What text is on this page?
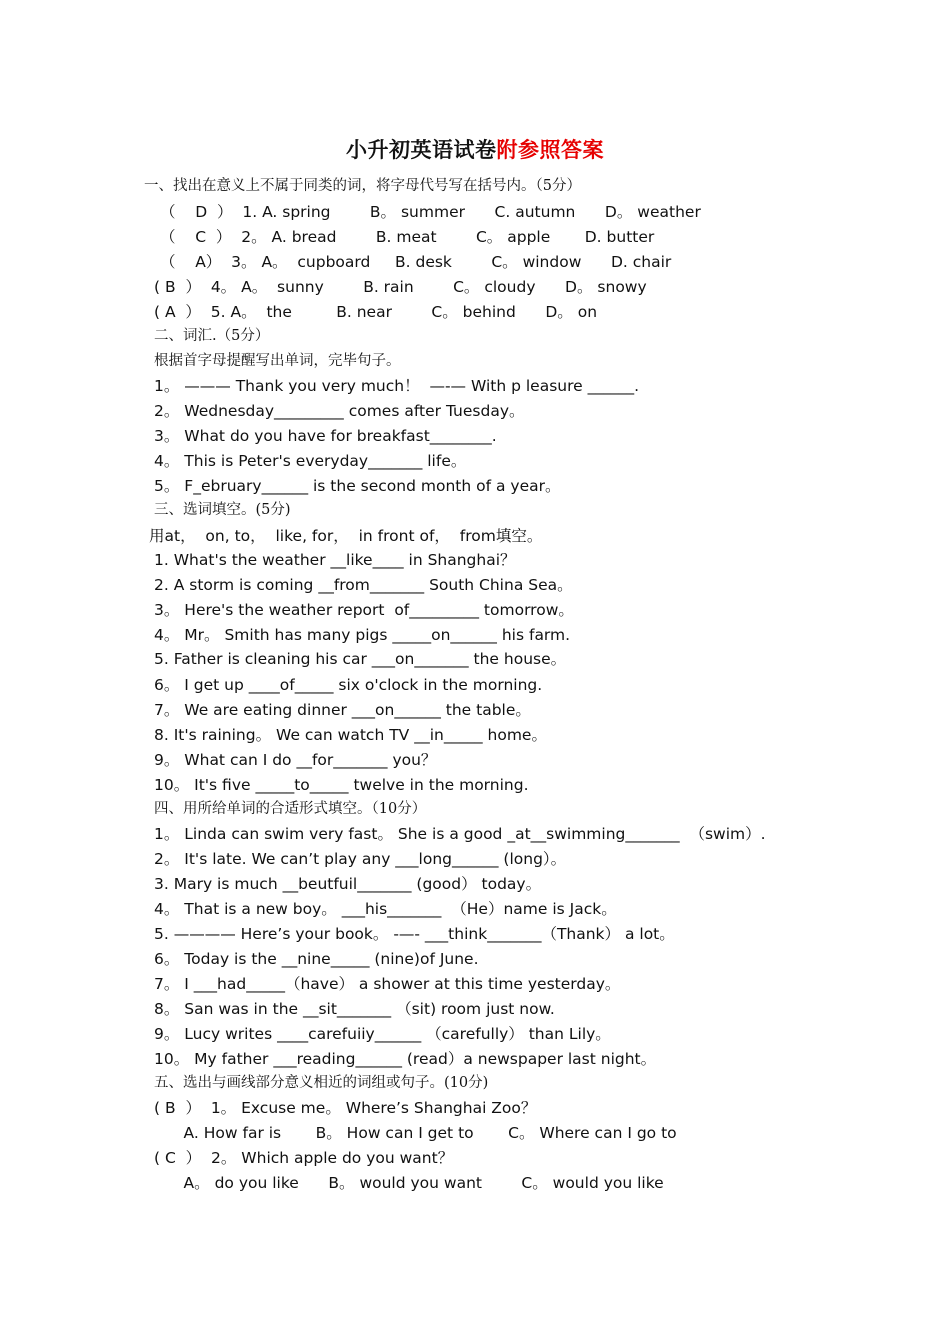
小升初英语试卷附参照答案
一、找出在意义上不属于同类的词，将字母代号写在括号内。（5分）
（    D  ）  1. A. spring        B。 summer      C. autumn      D。 weather
（    C  ）  2。 A. bread        B. meat        C。 apple       D. butter
（    A）  3。 A。  cupboard     B. desk        C。 window      D. chair
( B  ）  4。 A。  sunny        B. rain        C。 cloudy      D。 snowy
( A  ）  5. A。  the         B. near        C。 behind      D。 on
二、词汇.（5分）
根据首字母提醒写出单词，完毕句子。
1。 ——— Thank you very much！  —-— With p leasure ______.
2。 Wednesday_________ comes after Tuesday。
3。 What do you have for breakfast________.
4。 This is Peter's everyday_______ life。
5。 F_ebruary______ is the second month of a year。
三、选词填空。(5分)
用at，  on, to，  like, for，  in front of，  from填空。
1. What's the weather __like____ in Shanghai？
2. A storm is coming __from_______ South China Sea。
3。 Here's the weather report  of_________ tomorrow。
4。 Mr。 Smith has many pigs _____on______ his farm.
5. Father is cleaning his car ___on_______ the house。
6。 I get up ____of_____ six o'clock in the morning.
7。 We are eating dinner ___on______ the table。
8. It's raining。 We can watch TV __in_____ home。
9。 What can I do __for_______ you？
10。 It's five _____to_____ twelve in the morning.
四、用所给单词的合适形式填空。（10分）
1。 Linda can swim very fast。 She is a good _at__swimming_______  （swim）.
2。 It's late. We can’t play any ___long______ (long）。
3. Mary is much __beutfuil_______ (good） today。
4。 That is a new boy。 ___his_______  （He）name is Jack。
5. ———— Here’s your book。 -—- ___think_______（Thank） a lot。
6。 Today is the __nine_____ (nine)of June.
7。 I ___had_____（have） a shower at this time yesterday。
8。 San was in the __sit_______ （sit) room just now.
9。 Lucy writes ____carefuiiy______ （carefully） than Lily。
10。 My father ___reading______ (read）a newspaper last night。
五、选出与画线部分意义相近的词组或句子。(10分)
( B  ）  1。 Excuse me。 Where’s Shanghai Zoo？
A. How far is       B。 How can I get to       C。 Where can I go to
( C  ）  2。 Which apple do you want？
A。 do you like      B。 would you want        C。 would you like
